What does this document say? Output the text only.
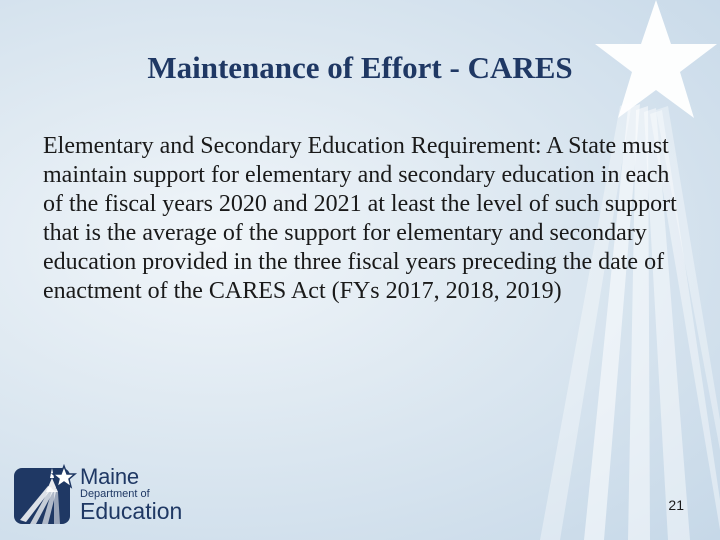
Maintenance of Effort - CARES

Elementary and Secondary Education Requirement: A State must maintain support for elementary and secondary education in each of the fiscal years 2020 and 2021 at least the level of such support that is the average of the support for elementary and secondary education provided in the three fiscal years preceding the date of enactment of the CARES Act (FYs 2017, 2018, 2019)

Maine
Department of
Education	21
